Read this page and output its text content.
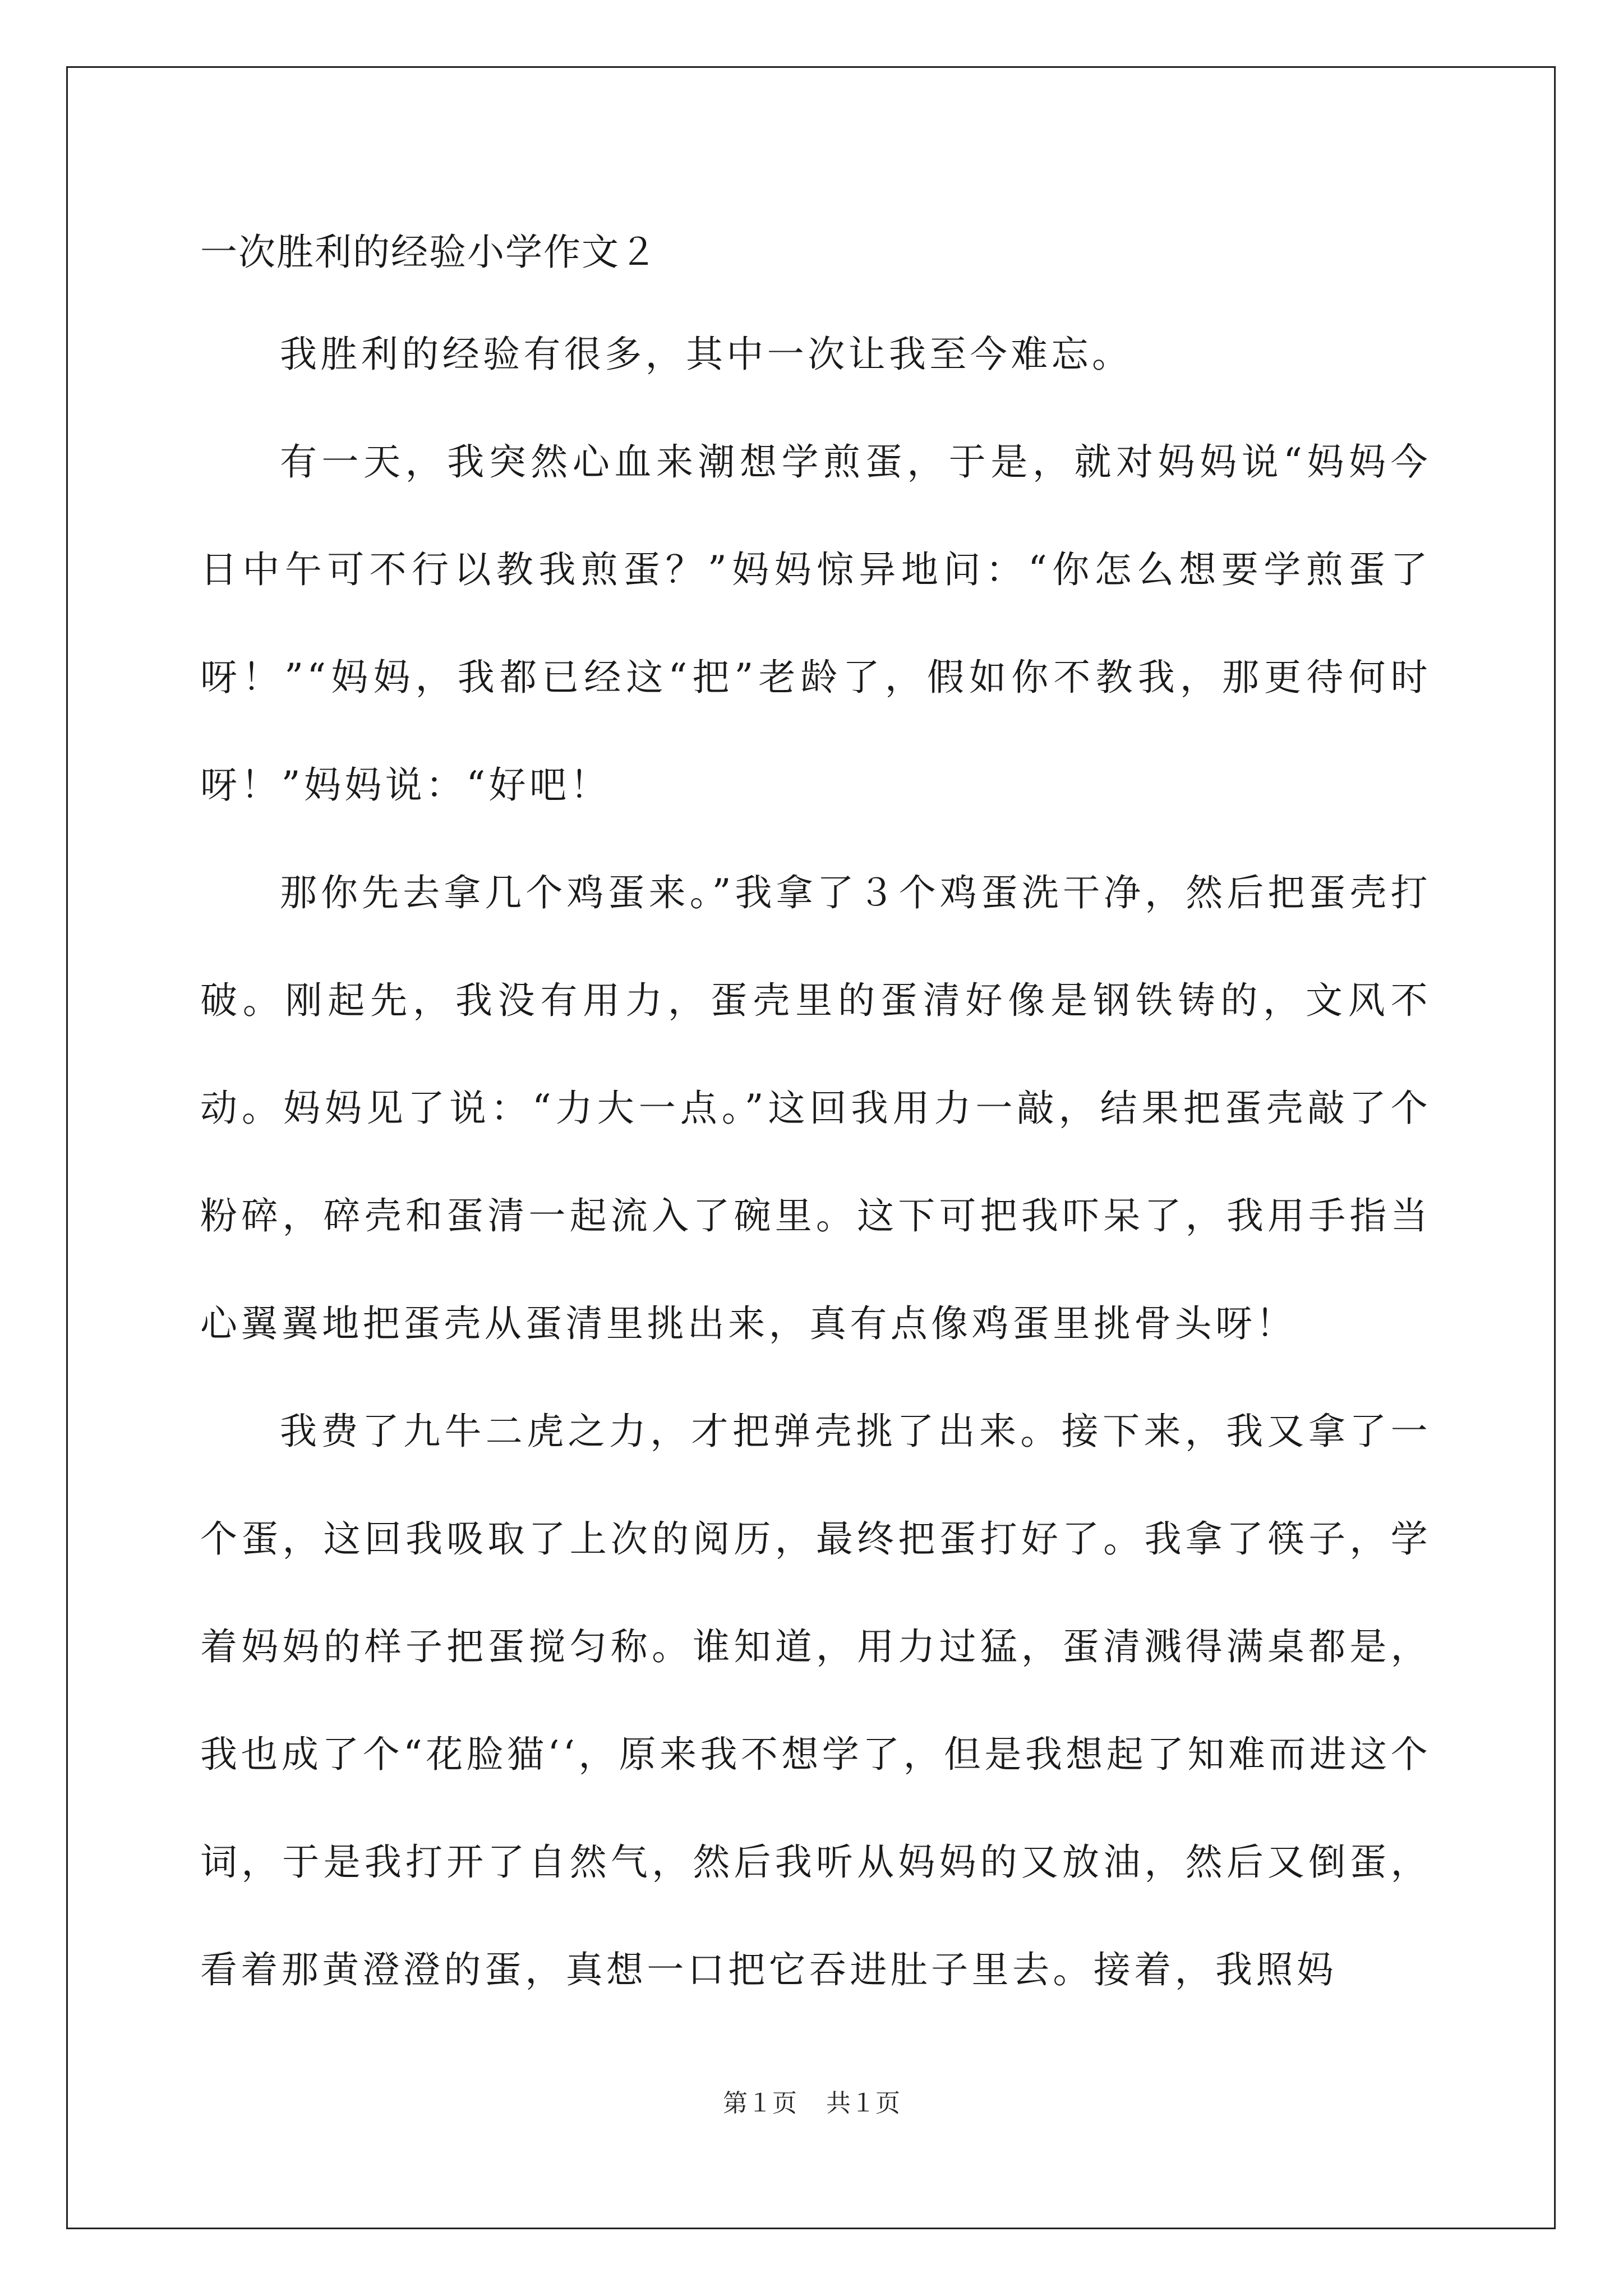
一次胜利的经验小学作文２

我胜利的经验有很多，其中一次让我至今难忘。

有一天，我突然心血来潮想学煎蛋，于是，就对妈妈说“妈妈今日中午可不行以教我煎蛋？”妈妈惊异地问：“你怎么想要学煎蛋了呀！”“妈妈，我都已经这“把”老龄了，假如你不教我，那更待何时呀！”妈妈说：“好吧！

那你先去拿几个鸡蛋来。”我拿了３个鸡蛋洗干净，然后把蛋壳打破。刚起先，我没有用力，蛋壳里的蛋清好像是钢铁铸的，文风不动。妈妈见了说：“力大一点。”这回我用力一敲，结果把蛋壳敲了个粉碎，碎壳和蛋清一起流入了碗里。这下可把我吓呆了，我用手指当心翼翼地把蛋壳从蛋清里挑出来，真有点像鸡蛋里挑骨头呀！

我费了九牛二虎之力，才把弹壳挑了出来。接下来，我又拿了一个蛋，这回我吸取了上次的阅历，最终把蛋打好了。我拿了筷子，学着妈妈的样子把蛋搅匀称。谁知道，用力过猛，蛋清溅得满桌都是，我也成了个“花脸猫‘‘，原来我不想学了，但是我想起了知难而进这个词，于是我打开了自然气，然后我听从妈妈的又放油，然后又倒蛋，看着那黄澄澄的蛋，真想一口把它吞进肚子里去。接着，我照妈

第１页 共１页
